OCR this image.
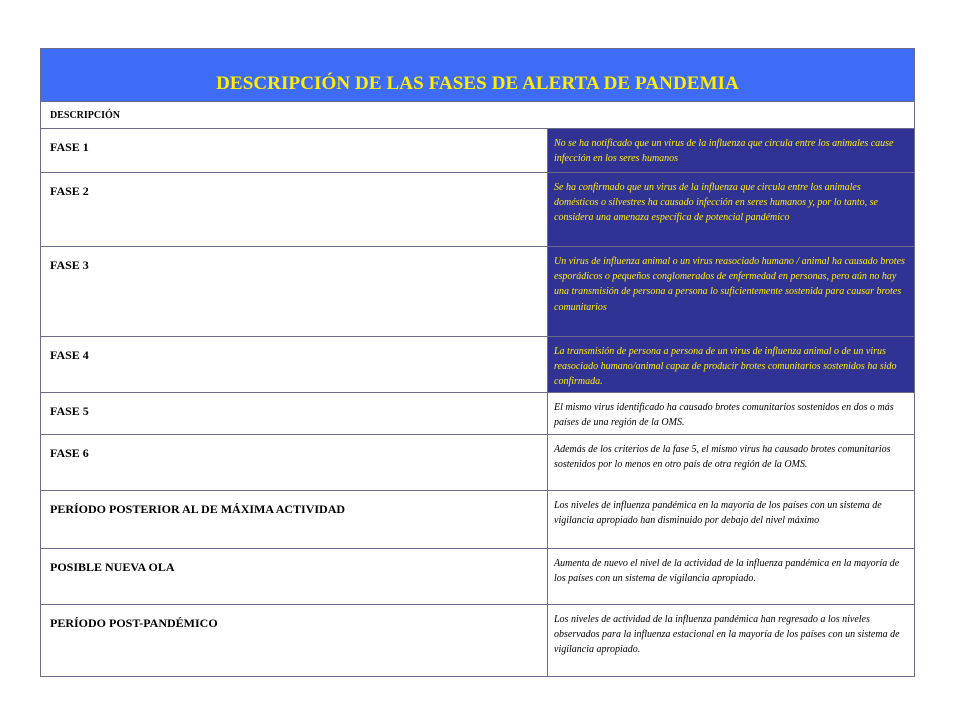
DESCRIPCIÓN DE LAS FASES DE ALERTA DE PANDEMIA	

DESCRIPCIÓN	

FASE 1	No se ha notificado que un virus de la influenza que circula entre los animales cause infección en los seres humanos

FASE 2	Se ha confirmado que un virus de la influenza que circula entre los animales domésticos o silvestres ha causado infección en seres humanos y, por lo tanto, se considera una amenaza específica de potencial pandémico

FASE 3	Un virus de influenza animal o un virus reasociado humano / animal ha causado brotes esporádicos o pequeños conglomerados de enfermedad en personas, pero aún no hay una transmisión de persona a persona lo suficientemente sostenida para causar brotes comunitarios

FASE 4	La transmisión de persona a persona de un virus de influenza animal o de un virus reasociado humano/animal capaz de producir brotes comunitarios sostenidos ha sido confirmada.

FASE 5	El mismo virus identificado ha causado brotes comunitarios sostenidos en dos o más países de una región de la OMS.

FASE 6	Además de los criterios de la fase 5, el mismo virus ha causado brotes comunitarios sostenidos por lo menos en otro país de otra región de la OMS.

PERÍODO POSTERIOR AL DE MÁXIMA ACTIVIDAD	Los niveles de influenza pandémica en la mayoría de los países con un sistema de vigilancia apropiado han disminuido por debajo del nivel máximo

POSIBLE NUEVA OLA	Aumenta de nuevo el nivel de la actividad de la influenza pandémica en la mayoría de los países con un sistema de vigilancia apropiado.

PERÍODO POST-PANDÉMICO	Los niveles de actividad de la influenza pandémica han regresado a los niveles observados para la influenza estacional en la mayoría de los países con un sistema de vigilancia apropiado.
